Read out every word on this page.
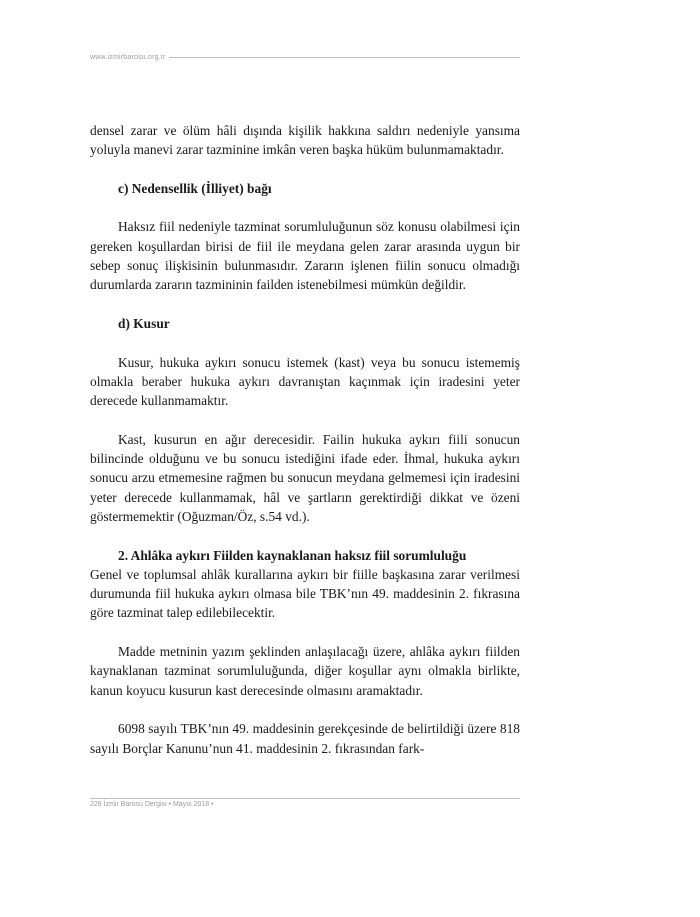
www.izmirbarosu.org.tr

densel zarar ve ölüm hâli dışında kişilik hakkına saldırı nedeniyle yansıma yoluyla manevi zarar tazminine imkân veren başka hüküm bulunmamaktadır.

c) Nedensellik (İlliyet) bağı

Haksız fiil nedeniyle tazminat sorumluluğunun söz konusu olabilmesi için gereken koşullardan birisi de fiil ile meydana gelen zarar arasında uygun bir sebep sonuç ilişkisinin bulunmasıdır. Zararın işlenen fiilin sonucu olmadığı durumlarda zararın tazmininin failden istenebilmesi mümkün değildir.

d) Kusur

Kusur, hukuka aykırı sonucu istemek (kast) veya bu sonucu istememiş olmakla beraber hukuka aykırı davranıştan kaçınmak için iradesini yeter derecede kullanmamaktır.

Kast, kusurun en ağır derecesidir. Failin hukuka aykırı fiili sonucun bilincinde olduğunu ve bu sonucu istediğini ifade eder. İhmal, hukuka aykırı sonucu arzu etmemesine rağmen bu sonucun meydana gelmemesi için iradesini yeter derecede kullanmamak, hâl ve şartların gerektirdiği dikkat ve özeni göstermemektir (Oğuzman/Öz, s.54 vd.).

2. Ahlâka aykırı Fiilden kaynaklanan haksız fiil sorumluluğu

Genel ve toplumsal ahlâk kurallarına aykırı bir fiille başkasına zarar verilmesi durumunda fiil hukuka aykırı olmasa bile TBK’nın 49. maddesinin 2. fıkrasına göre tazminat talep edilebilecektir.

Madde metninin yazım şeklinden anlaşılacağı üzere, ahlâka aykırı fiilden kaynaklanan tazminat sorumluluğunda, diğer koşullar aynı olmakla birlikte, kanun koyucu kusurun kast derecesinde olmasını aramaktadır.

6098 sayılı TBK’nın 49. maddesinin gerekçesinde de belirtildiği üzere 818 sayılı Borçlar Kanunu’nun 41. maddesinin 2. fıkrasından fark-

228 İzmir Barosu Dergisi • Mayıs 2018 •
